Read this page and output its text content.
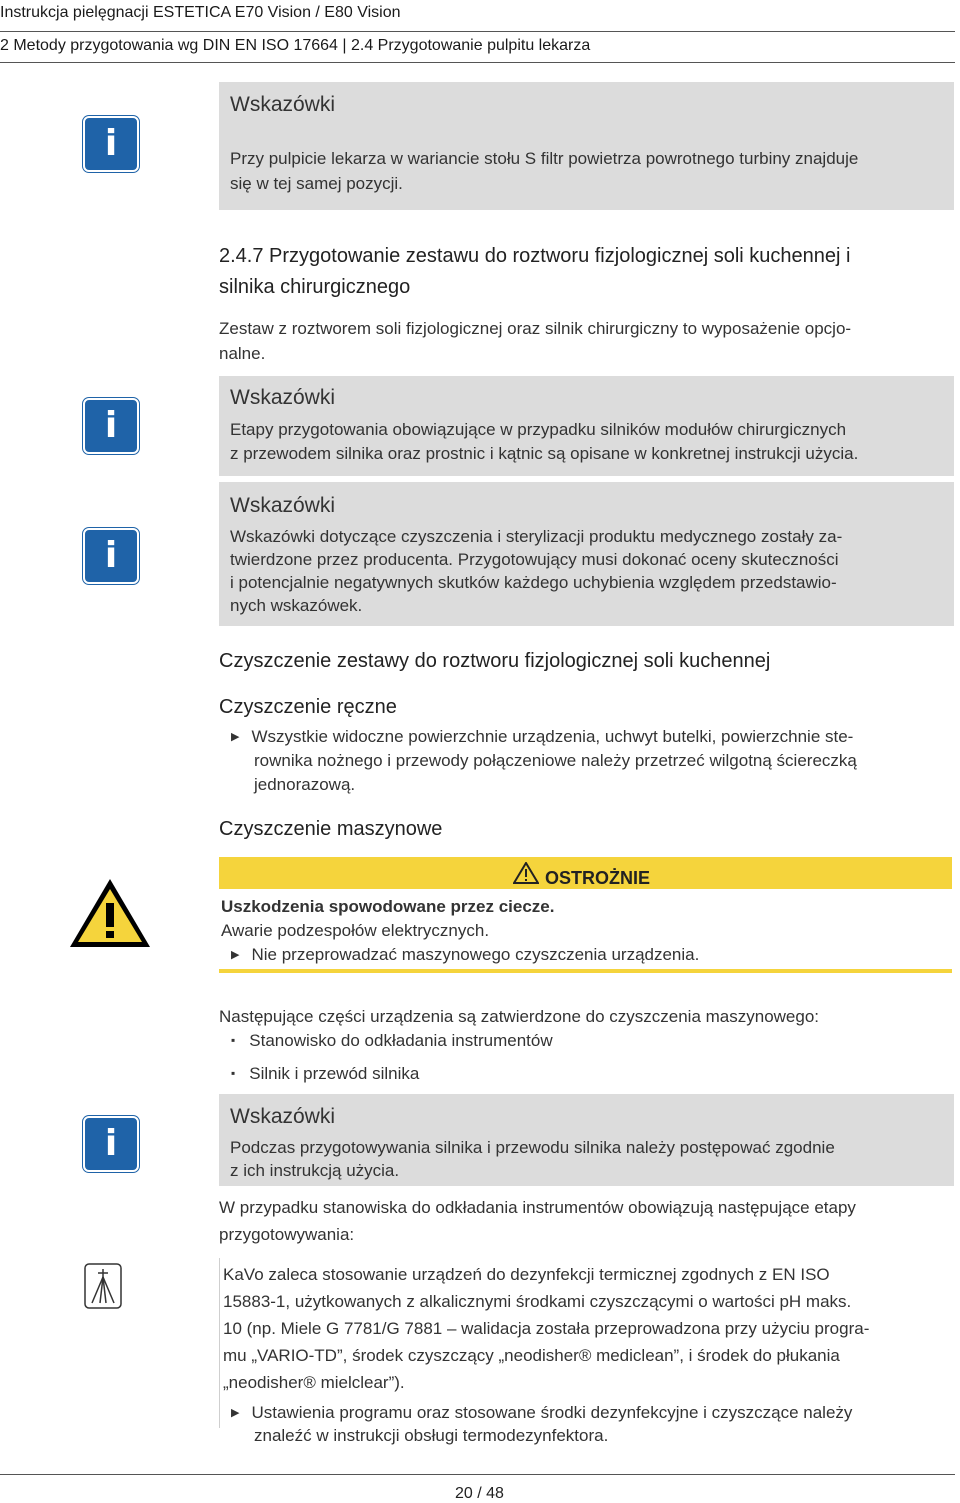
Instrukcja pielęgnacji ESTETICA E70 Vision / E80 Vision
2 Metody przygotowania wg DIN EN ISO 17664 | 2.4 Przygotowanie pulpitu lekarza
i
Wskazówki
Przy pulpicie lekarza w wariancie stołu S filtr powietrza powrotnego turbiny znajduje
się w tej samej pozycji.
2.4.7 Przygotowanie zestawu do roztworu fizjologicznej soli kuchennej i
silnika chirurgicznego
Zestaw z roztworem soli fizjologicznej oraz silnik chirurgiczny to wyposażenie opcjo-
nalne.
i
Wskazówki
Etapy przygotowania obowiązujące w przypadku silników modułów chirurgicznych
z przewodem silnika oraz prostnic i kątnic są opisane w konkretnej instrukcji użycia.
i
Wskazówki
Wskazówki dotyczące czyszczenia i sterylizacji produktu medycznego zostały za-
twierdzone przez producenta. Przygotowujący musi dokonać oceny skuteczności
i potencjalnie negatywnych skutków każdego uchybienia względem przedstawio-
nych wskazówek.
Czyszczenie zestawy do roztworu fizjologicznej soli kuchennej
Czyszczenie ręczne
▶ Wszystkie widoczne powierzchnie urządzenia, uchwyt butelki, powierzchnie ste-
rownika nożnego i przewody połączeniowe należy przetrzeć wilgotną ściereczką
jednorazową.
Czyszczenie maszynowe
OSTROŻNIE
Uszkodzenia spowodowane przez ciecze.
Awarie podzespołów elektrycznych.
▶ Nie przeprowadzać maszynowego czyszczenia urządzenia.
Następujące części urządzenia są zatwierdzone do czyszczenia maszynowego:
▪ Stanowisko do odkładania instrumentów
▪ Silnik i przewód silnika
i
Wskazówki
Podczas przygotowywania silnika i przewodu silnika należy postępować zgodnie
z ich instrukcją użycia.
W przypadku stanowiska do odkładania instrumentów obowiązują następujące etapy
przygotowywania:
KaVo zaleca stosowanie urządzeń do dezynfekcji termicznej zgodnych z EN ISO
15883-1, użytkowanych z alkalicznymi środkami czyszczącymi o wartości pH maks.
10 (np. Miele G 7781/G 7881 – walidacja została przeprowadzona przy użyciu progra-
mu „VARIO-TD”, środek czyszczący „neodisher® mediclean”, i środek do płukania
„neodisher® mielclear”).
▶ Ustawienia programu oraz stosowane środki dezynfekcyjne i czyszczące należy
znaleźć w instrukcji obsługi termodezynfektora.
20 / 48
